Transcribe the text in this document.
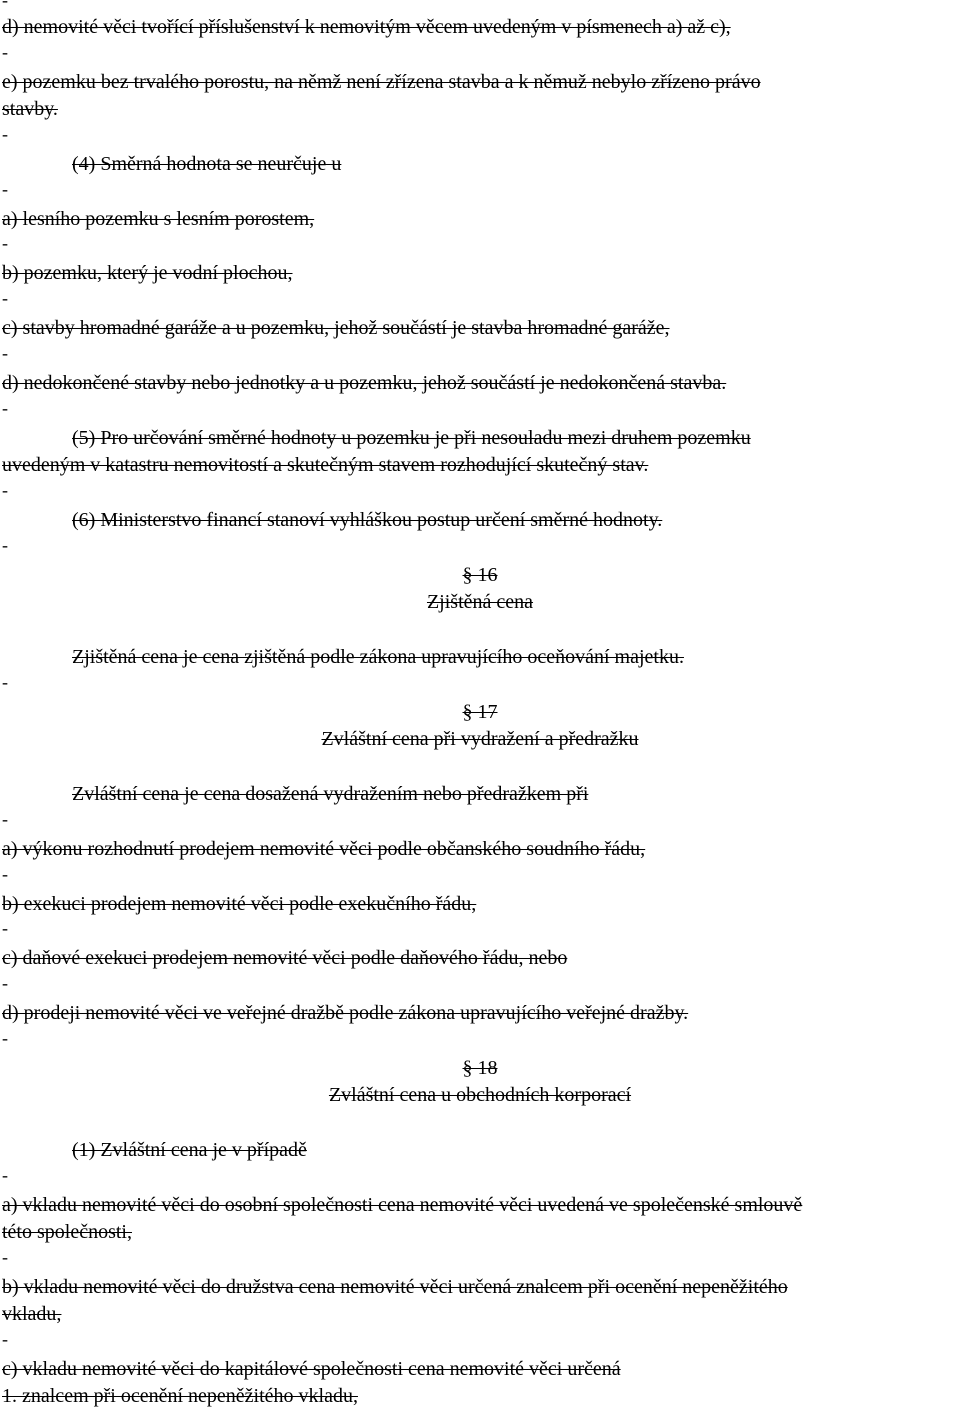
-
-
-
-
-
-
-
-
-
-
-
-
-
-
-
-
-
-
-
d) nemovité věci tvořící příslušenství k nemovitým věcem uvedeným v písmenech a) až c),
e) pozemku bez trvalého porostu, na němž není zřízena stavba a k němuž nebylo zřízeno právo
stavby.
(4) Směrná hodnota se neurčuje u
a) lesního pozemku s lesním porostem,
b) pozemku, který je vodní plochou,
c) stavby hromadné garáže a u pozemku, jehož součástí je stavba hromadné garáže,
d) nedokončené stavby nebo jednotky a u pozemku, jehož součástí je nedokončená stavba.
(5) Pro určování směrné hodnoty u pozemku je při nesouladu mezi druhem pozemku
uvedeným v katastru nemovitostí a skutečným stavem rozhodující skutečný stav.
(6) Ministerstvo financí stanoví vyhláškou postup určení směrné hodnoty.
§ 16
Zjištěná cena
Zjištěná cena je cena zjištěná podle zákona upravujícího oceňování majetku.
§ 17
Zvláštní cena při vydražení a předražku
Zvláštní cena je cena dosažená vydražením nebo předražkem při
a) výkonu rozhodnutí prodejem nemovité věci podle občanského soudního řádu,
b) exekuci prodejem nemovité věci podle exekučního řádu,
c) daňové exekuci prodejem nemovité věci podle daňového řádu, nebo
d) prodeji nemovité věci ve veřejné dražbě podle zákona upravujícího veřejné dražby.
§ 18
Zvláštní cena u obchodních korporací
(1) Zvláštní cena je v případě
a) vkladu nemovité věci do osobní společnosti cena nemovité věci uvedená ve společenské smlouvě
této společnosti,
b) vkladu nemovité věci do družstva cena nemovité věci určená znalcem při ocenění nepeněžitého
vkladu,
c) vkladu nemovité věci do kapitálové společnosti cena nemovité věci určená
1. znalcem při ocenění nepeněžitého vkladu,
